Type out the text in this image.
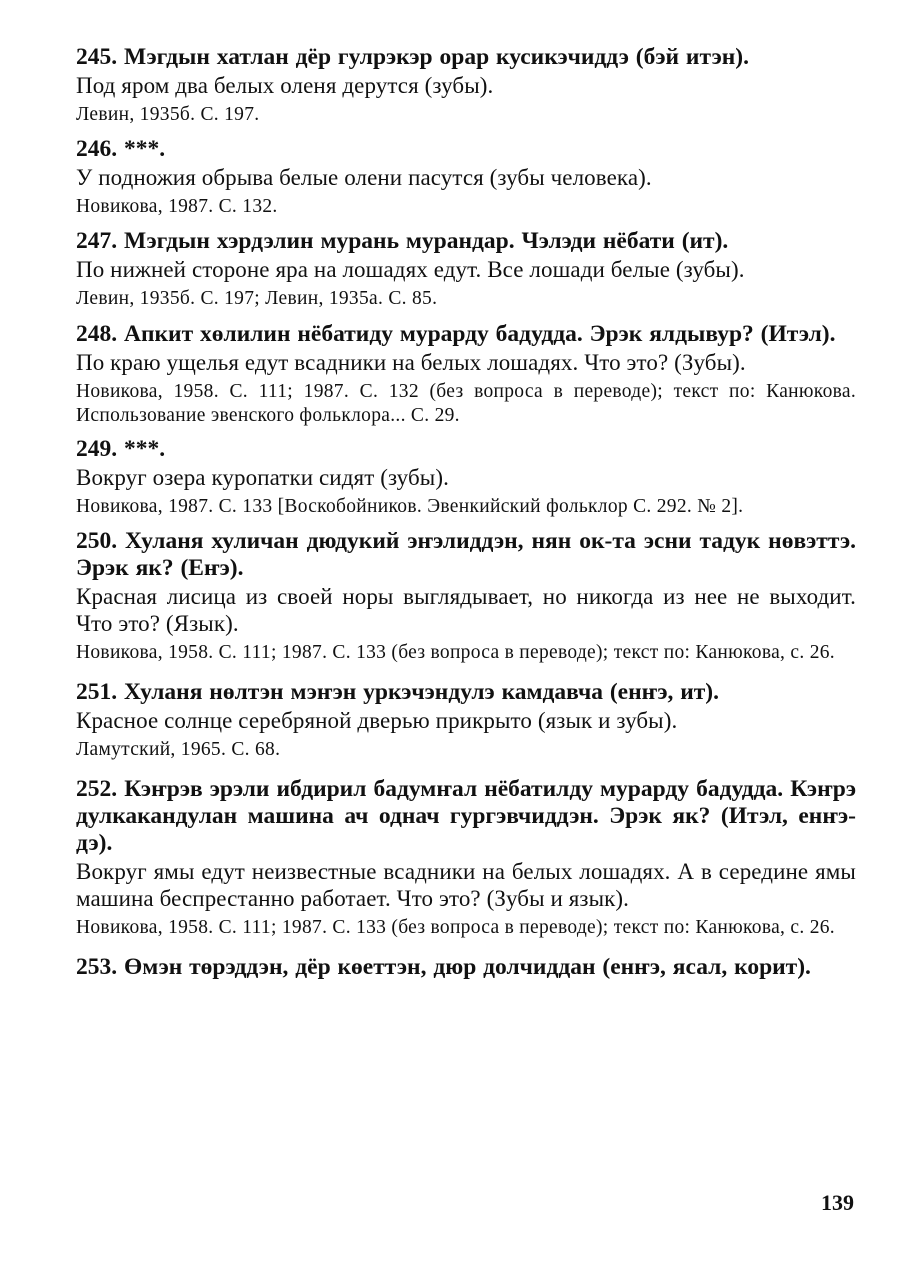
245. Мэгдын хатлан дёр гулрэкэр орар кусикэчиддэ (бэй итэн).

Под яром два белых оленя дерутся (зубы).

Левин, 1935б. С. 197.

246. ***.

У подножия обрыва белые олени пасутся (зубы человека).

Новикова, 1987. С. 132.

247. Мэгдын хэрдэлин мурань мурандар. Чэлэди нёбати (ит).

По нижней стороне яра на лошадях едут. Все лошади белые (зубы).

Левин, 1935б. С. 197; Левин, 1935а. С. 85.

248. Апкит хөлилин нёбатиду мурарду бадудда. Эрэк ялдывур? (Итэл).

По краю ущелья едут всадники на белых лошадях. Что это? (Зубы).

Новикова, 1958. С. 111; 1987. С. 132 (без вопроса в переводе); текст по: Канюкова. Использование эвенского фольклора... С. 29.

249. ***.

Вокруг озера куропатки сидят (зубы).

Новикова, 1987. С. 133 [Воскобойников. Эвенкийский фольклор С. 292. № 2].

250. Хуланя хуличан дюдукий эҥэлиддэн, нян ок-та эсни тадук нөвэттэ. Эрэк як? (Еҥэ).

Красная лисица из своей норы выглядывает, но никогда из нее не выходит. Что это? (Язык).

Новикова, 1958. С. 111; 1987. С. 133 (без вопроса в переводе); текст по: Канюкова, с. 26.

251. Хуланя нөлтэн мэҥэн уркэчэндулэ камдавча (енҥэ, ит).

Красное солнце серебряной дверью прикрыто (язык и зубы).

Ламутский, 1965. С. 68.

252. Кэҥрэв эрэли ибдирил бадумҥал нёбатилду мурарду бадудда. Кэҥрэ дулкакандулан машина ач однач гургэвчиддэн. Эрэк як? (Итэл, енҥэ-дэ).

Вокруг ямы едут неизвестные всадники на белых лошадях. А в середине ямы машина беспрестанно работает. Что это? (Зубы и язык).

Новикова, 1958. С. 111; 1987. С. 133 (без вопроса в переводе); текст по: Канюкова, с. 26.

253. Өмэн төрэддэн, дёр көеттэн, дюр долчиддан (енҥэ, ясал, корит).

139
